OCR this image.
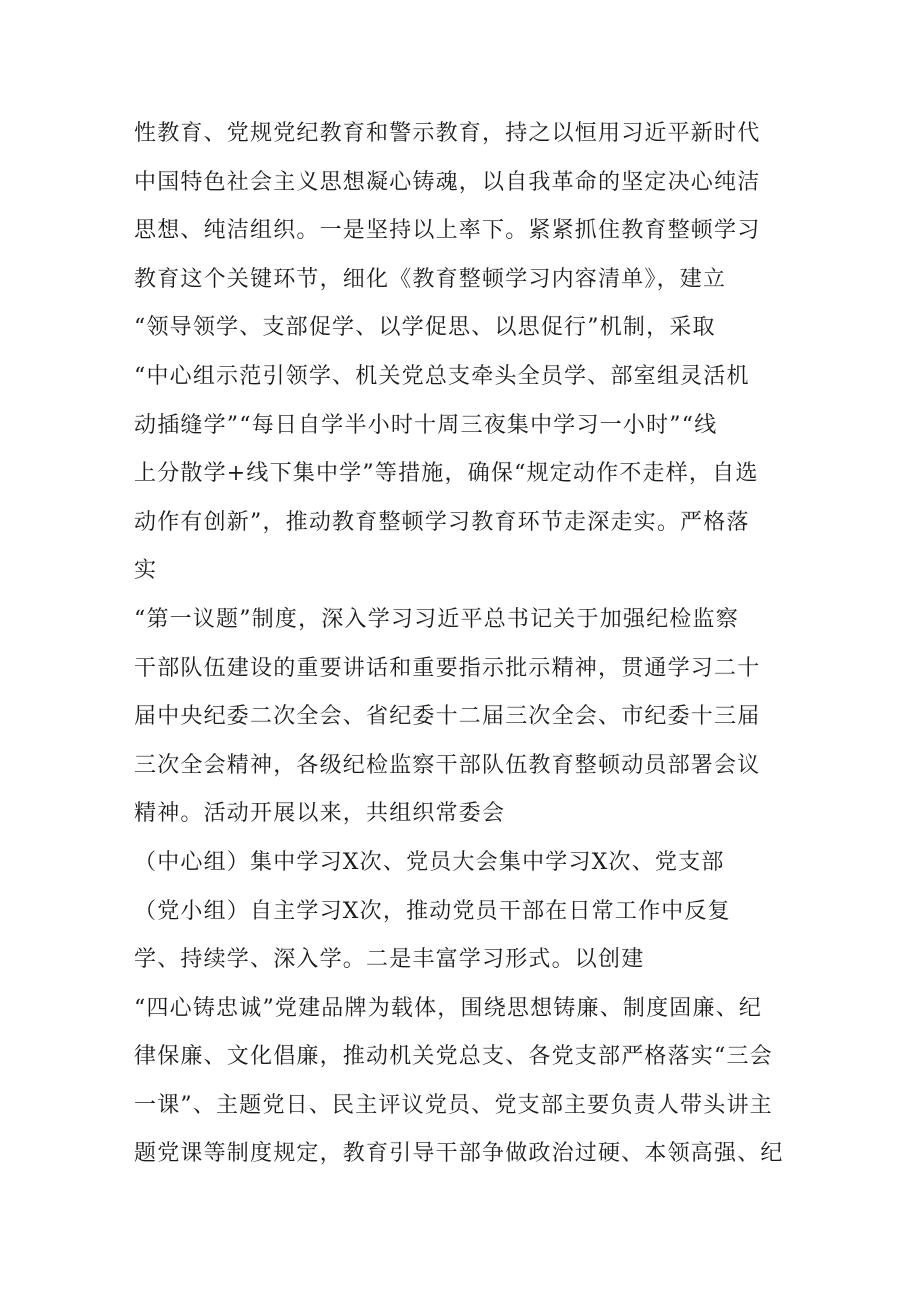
性教育、党规党纪教育和警示教育，持之以恒用习近平新时代
中国特色社会主义思想凝心铸魂，以自我革命的坚定决心纯洁
思想、纯洁组织。一是坚持以上率下。紧紧抓住教育整顿学习
教育这个关键环节，细化《教育整顿学习内容清单》，建立
“领导领学、支部促学、以学促思、以思促行”机制，采取
“中心组示范引领学、机关党总支牵头全员学、部室组灵活机
动插缝学”“每日自学半小时十周三夜集中学习一小时”“线
上分散学+线下集中学”等措施，确保“规定动作不走样，自选
动作有创新”，推动教育整顿学习教育环节走深走实。严格落
实
“第一议题”制度，深入学习习近平总书记关于加强纪检监察
干部队伍建设的重要讲话和重要指示批示精神，贯通学习二十
届中央纪委二次全会、省纪委十二届三次全会、市纪委十三届
三次全会精神，各级纪检监察干部队伍教育整顿动员部署会议
精神。活动开展以来，共组织常委会
（中心组）集中学习X次、党员大会集中学习X次、党支部
（党小组）自主学习X次，推动党员干部在日常工作中反复
学、持续学、深入学。二是丰富学习形式。以创建
“四心铸忠诚”党建品牌为载体，围绕思想铸廉、制度固廉、纪
律保廉、文化倡廉，推动机关党总支、各党支部严格落实“三会
一课”、主题党日、民主评议党员、党支部主要负责人带头讲主
题党课等制度规定，教育引导干部争做政治过硬、本领高强、纪
